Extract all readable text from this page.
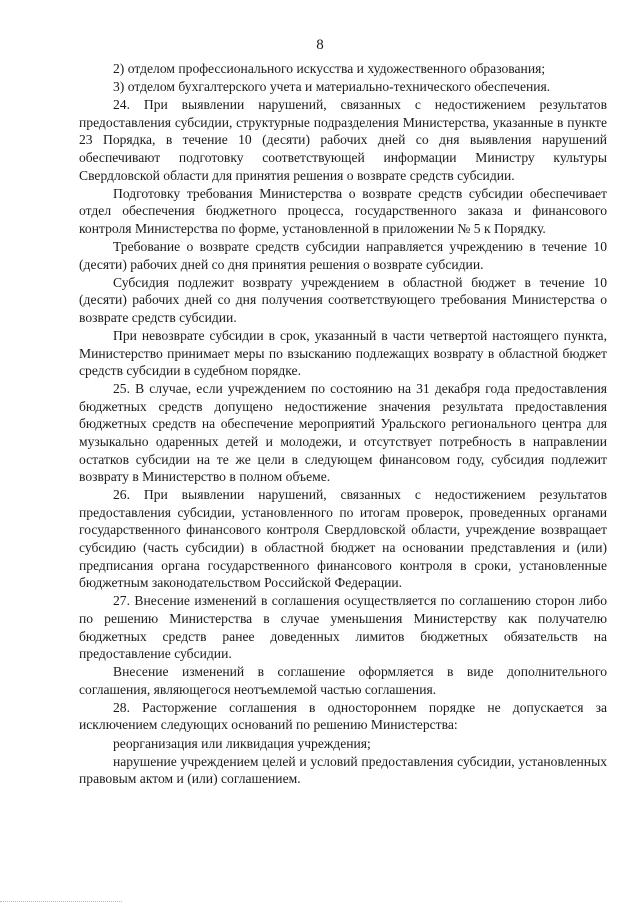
8

2) отделом профессионального искусства и художественного образования;

3) отделом бухгалтерского учета и материально-технического обеспечения.

24. При выявлении нарушений, связанных с недостижением результатов предоставления субсидии, структурные подразделения Министерства, указанные в пункте 23 Порядка, в течение 10 (десяти) рабочих дней со дня выявления нарушений обеспечивают подготовку соответствующей информации Министру культуры Свердловской области для принятия решения о возврате средств субсидии.

Подготовку требования Министерства о возврате средств субсидии обеспечивает отдел обеспечения бюджетного процесса, государственного заказа и финансового контроля Министерства по форме, установленной в приложении № 5 к Порядку.

Требование о возврате средств субсидии направляется учреждению в течение 10 (десяти) рабочих дней со дня принятия решения о возврате субсидии.

Субсидия подлежит возврату учреждением в областной бюджет в течение 10 (десяти) рабочих дней со дня получения соответствующего требования Министерства о возврате средств субсидии.

При невозврате субсидии в срок, указанный в части четвертой настоящего пункта, Министерство принимает меры по взысканию подлежащих возврату в областной бюджет средств субсидии в судебном порядке.

25. В случае, если учреждением по состоянию на 31 декабря года предоставления бюджетных средств допущено недостижение значения результата предоставления бюджетных средств на обеспечение мероприятий Уральского регионального центра для музыкально одаренных детей и молодежи, и отсутствует потребность в направлении остатков субсидии на те же цели в следующем финансовом году, субсидия подлежит возврату в Министерство в полном объеме.

26. При выявлении нарушений, связанных с недостижением результатов предоставления субсидии, установленного по итогам проверок, проведенных органами государственного финансового контроля Свердловской области, учреждение возвращает субсидию (часть субсидии) в областной бюджет на основании представления и (или) предписания органа государственного финансового контроля в сроки, установленные бюджетным законодательством Российской Федерации.

27. Внесение изменений в соглашения осуществляется по соглашению сторон либо по решению Министерства в случае уменьшения Министерству как получателю бюджетных средств ранее доведенных лимитов бюджетных обязательств на предоставление субсидии.

Внесение изменений в соглашение оформляется в виде дополнительного соглашения, являющегося неотъемлемой частью соглашения.

28. Расторжение соглашения в одностороннем порядке не допускается за исключением следующих оснований по решению Министерства:

реорганизация или ликвидация учреждения;

нарушение учреждением целей и условий предоставления субсидии, установленных правовым актом и (или) соглашением.
